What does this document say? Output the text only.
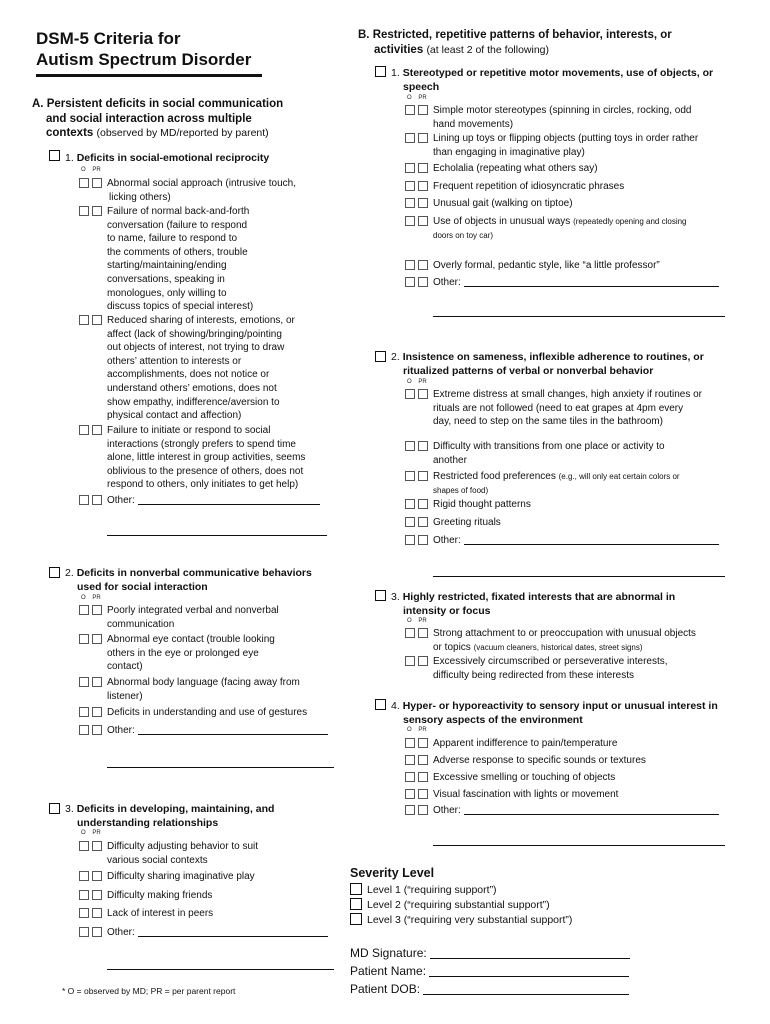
DSM-5 Criteria for
Autism Spectrum Disorder
A. Persistent deficits in social communication
and social interaction across multiple
contexts (observed by MD/reported by parent)
1. Deficits in social-emotional reciprocity
O PR
Abnormal social approach (intrusive touch,
licking others)
Failure of normal back-and-forth
conversation (failure to respond
to name, failure to respond to
the comments of others, trouble
starting/maintaining/ending
conversations, speaking in
monologues, only willing to
discuss topics of special interest)
Reduced sharing of interests, emotions, or
affect (lack of showing/bringing/pointing
out objects of interest, not trying to draw
others’ attention to interests or
accomplishments, does not notice or
understand others’ emotions, does not
show empathy, indifference/aversion to
physical contact and affection)
Failure to initiate or respond to social
interactions (strongly prefers to spend time
alone, little interest in group activities, seems
oblivious to the presence of others, does not
respond to others, only initiates to get help)
Other:
2. Deficits in nonverbal communicative behaviors
used for social interaction
O PR
Poorly integrated verbal and nonverbal
communication
Abnormal eye contact (trouble looking
others in the eye or prolonged eye
contact)
Abnormal body language (facing away from
listener)
Deficits in understanding and use of gestures
Other:
3. Deficits in developing, maintaining, and
understanding relationships
O PR
Difficulty adjusting behavior to suit
various social contexts
Difficulty sharing imaginative play
Difficulty making friends
Lack of interest in peers
Other:
* O = observed by MD; PR = per parent report
B. Restricted, repetitive patterns of behavior, interests, or
activities (at least 2 of the following)
1. Stereotyped or repetitive motor movements, use of objects, or
speech
O PR
Simple motor stereotypes (spinning in circles, rocking, odd
hand movements)
Lining up toys or flipping objects (putting toys in order rather
than engaging in imaginative play)
Echolalia (repeating what others say)
Frequent repetition of idiosyncratic phrases
Unusual gait (walking on tiptoe)
Use of objects in unusual ways (repeatedly opening and closing
doors on toy car)
Overly formal, pedantic style, like “a little professor”
Other:
2. Insistence on sameness, inflexible adherence to routines, or
ritualized patterns of verbal or nonverbal behavior
O PR
Extreme distress at small changes, high anxiety if routines or
rituals are not followed (need to eat grapes at 4pm every
day, need to step on the same tiles in the bathroom)
Difficulty with transitions from one place or activity to
another
Restricted food preferences (e.g., will only eat certain colors or
shapes of food)
Rigid thought patterns
Greeting rituals
Other:
3. Highly restricted, fixated interests that are abnormal in
intensity or focus
O PR
Strong attachment to or preoccupation with unusual objects
or topics (vacuum cleaners, historical dates, street signs)
Excessively circumscribed or perseverative interests,
difficulty being redirected from these interests
4. Hyper- or hyporeactivity to sensory input or unusual interest in
sensory aspects of the environment
O PR
Apparent indifference to pain/temperature
Adverse response to specific sounds or textures
Excessive smelling or touching of objects
Visual fascination with lights or movement
Other:
Severity Level
Level 1 (“requiring support”)
Level 2 (“requiring substantial support”)
Level 3 (“requiring very substantial support”)
MD Signature:
Patient Name:
Patient DOB:
